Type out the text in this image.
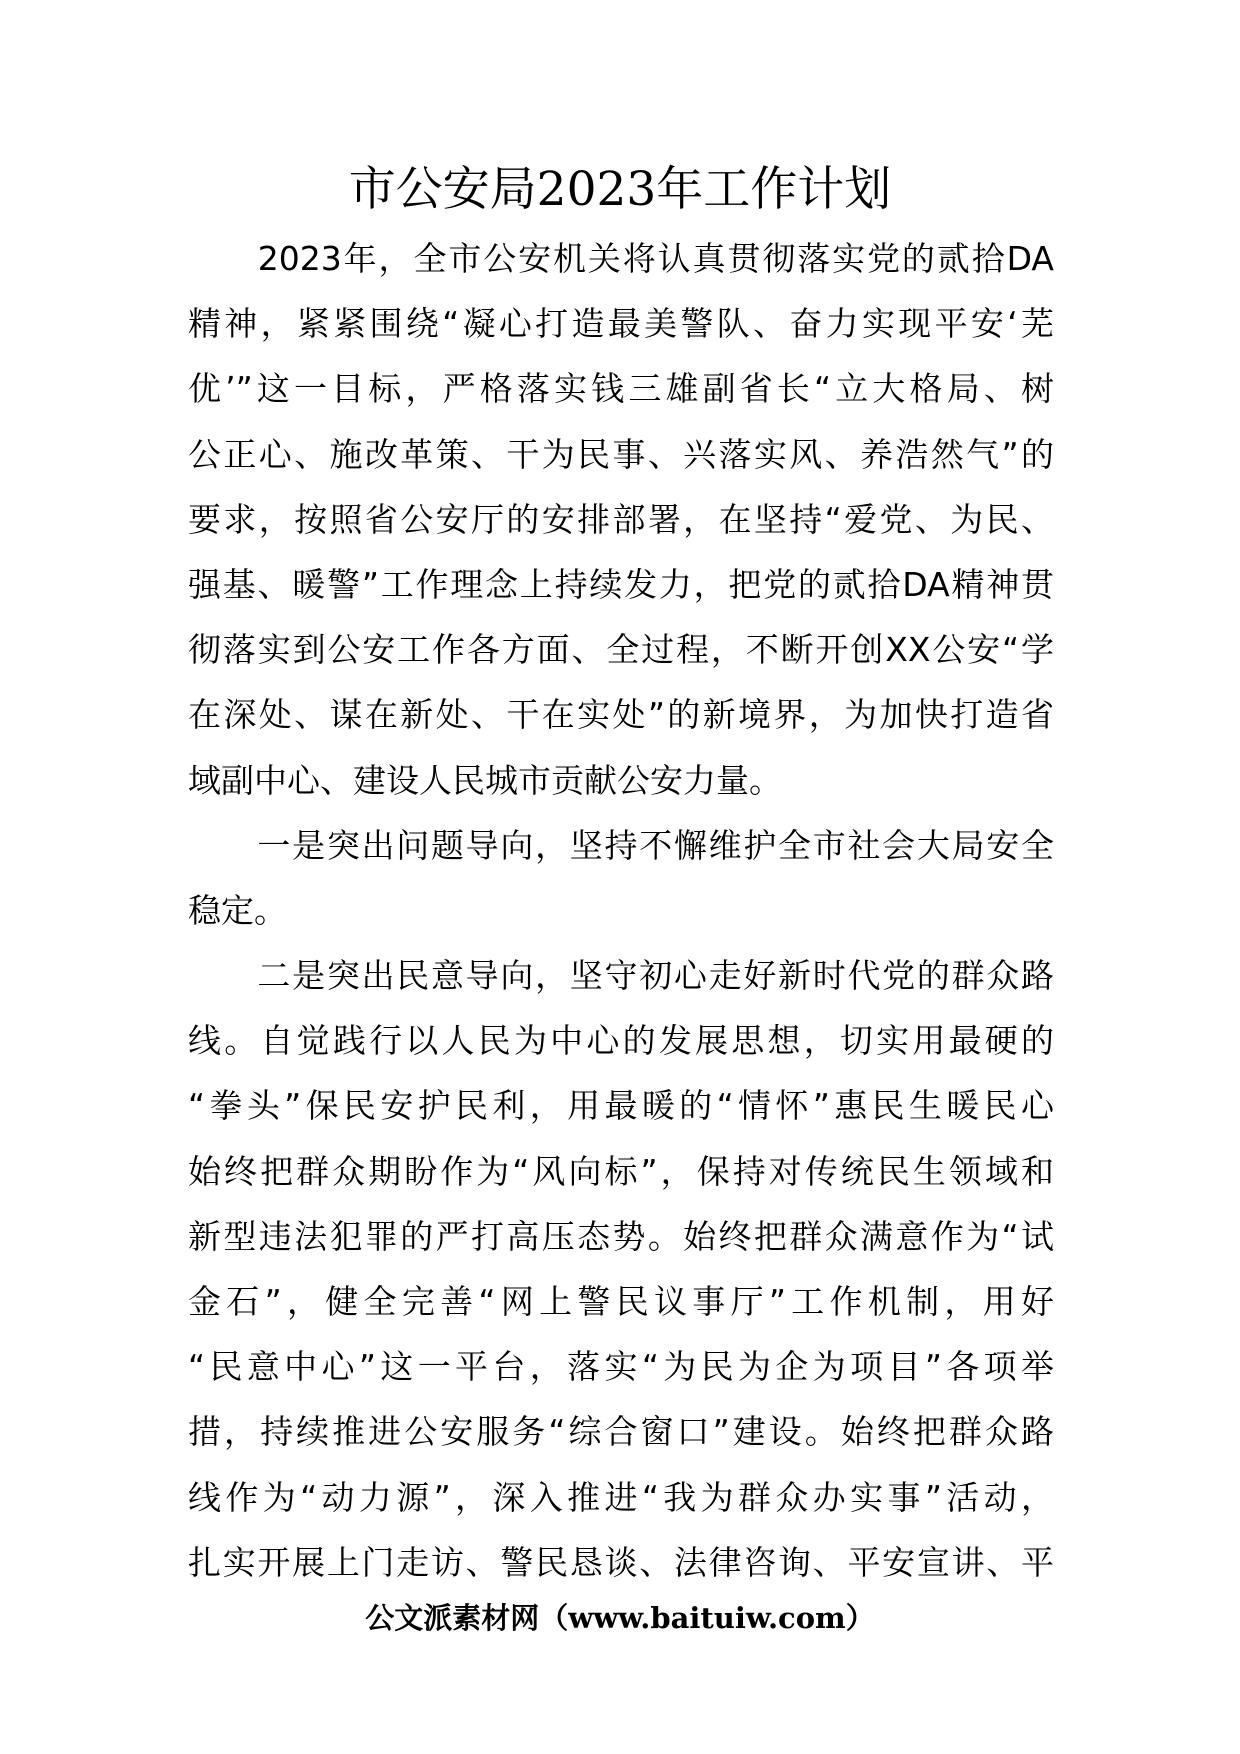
市公安局2023年工作计划
　　2023年，全市公安机关将认真贯彻落实党的贰拾DA
精神，紧紧围绕“凝心打造最美警队、奋力实现平安‘芜
优’”这一目标，严格落实钱三雄副省长“立大格局、树
公正心、施改革策、干为民事、兴落实风、养浩然气”的
要求，按照省公安厅的安排部署，在坚持“爱党、为民、
强基、暖警”工作理念上持续发力，把党的贰拾DA精神贯
彻落实到公安工作各方面、全过程，不断开创XX公安“学
在深处、谋在新处、干在实处”的新境界，为加快打造省
域副中心、建设人民城市贡献公安力量。
　　一是突出问题导向，坚持不懈维护全市社会大局安全
稳定。
　　二是突出民意导向，坚守初心走好新时代党的群众路
线。自觉践行以人民为中心的发展思想，切实用最硬的
“拳头”保民安护民利，用最暖的“情怀”惠民生暖民心
始终把群众期盼作为“风向标”，保持对传统民生领域和
新型违法犯罪的严打高压态势。始终把群众满意作为“试
金石”，健全完善“网上警民议事厅”工作机制，用好
“民意中心”这一平台，落实“为民为企为项目”各项举
措，持续推进公安服务“综合窗口”建设。始终把群众路
线作为“动力源”，深入推进“我为群众办实事”活动，
扎实开展上门走访、警民恳谈、法律咨询、平安宣讲、平
公文派素材网（www.baituiw.com）
